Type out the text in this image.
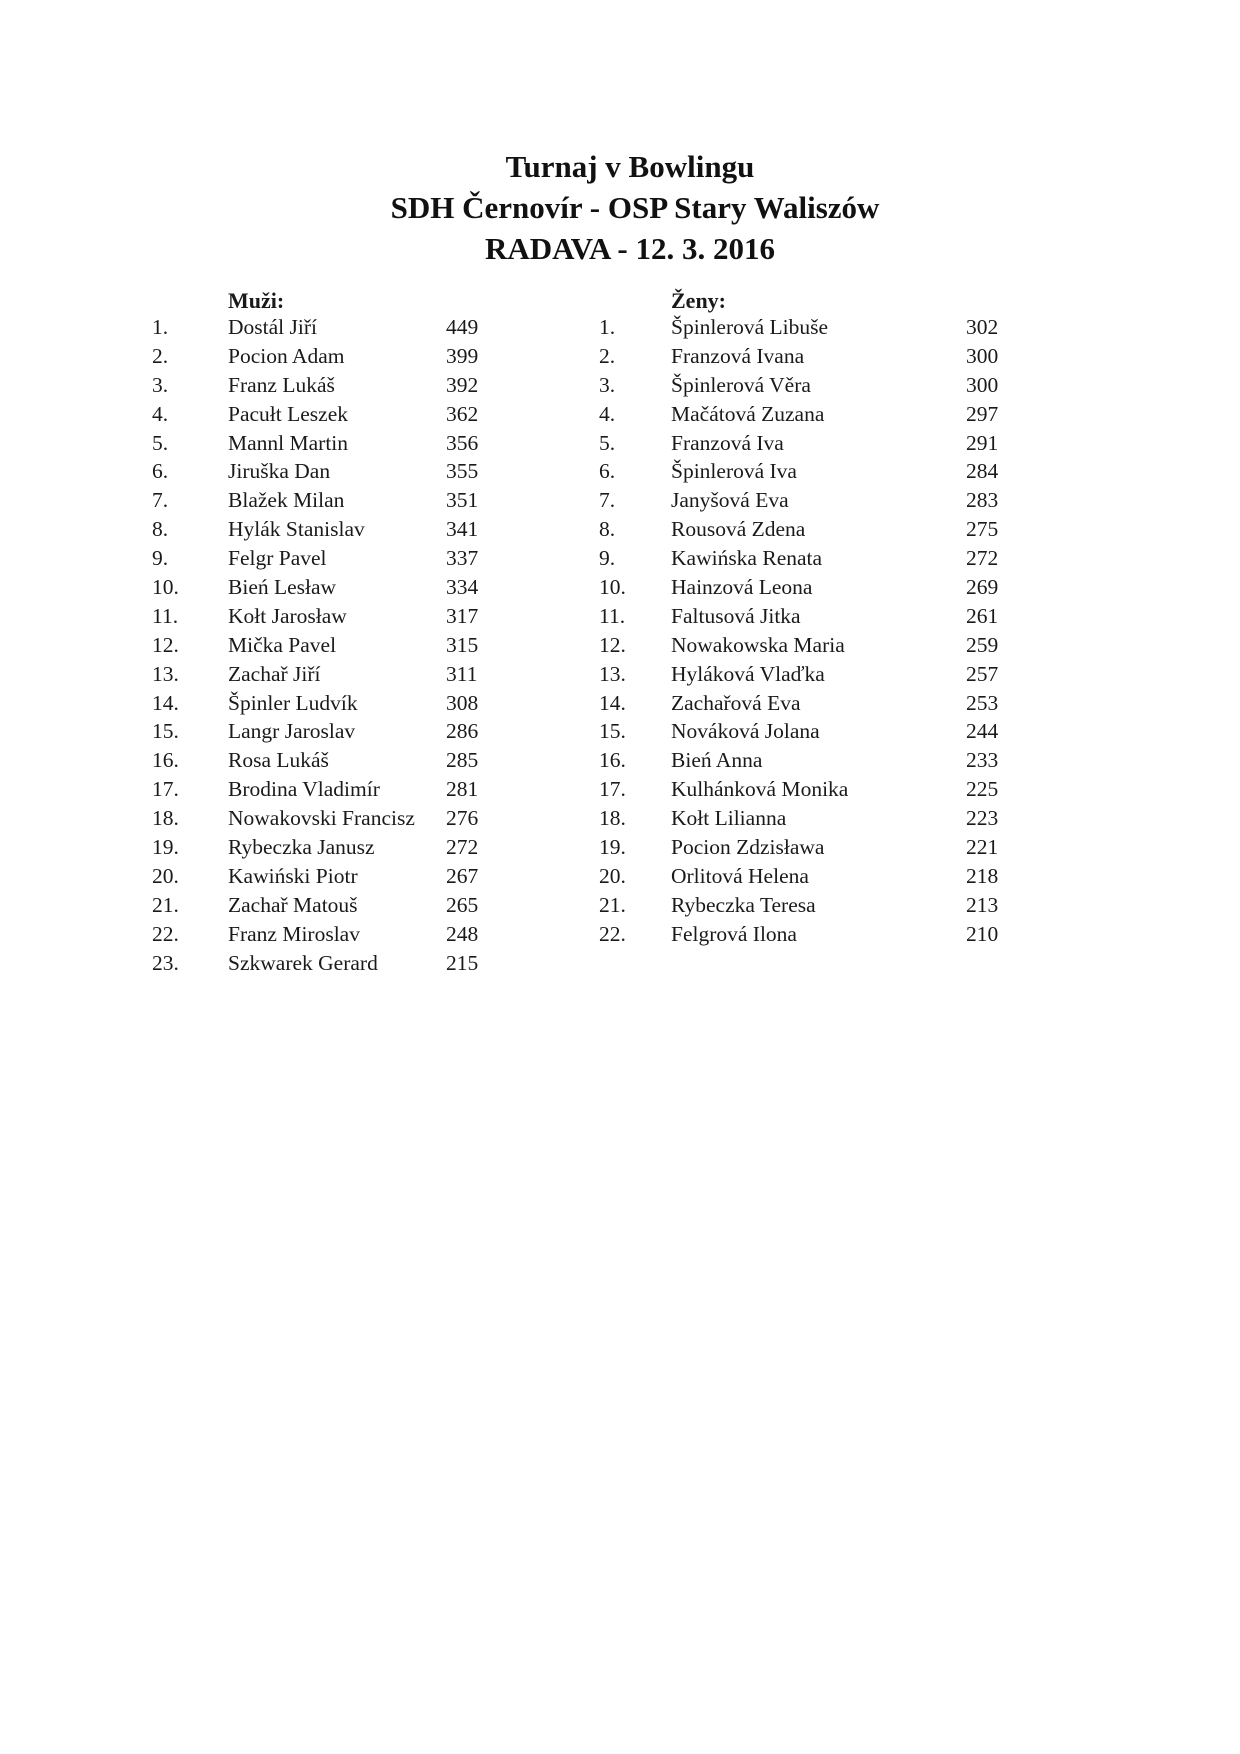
Turnaj v Bowlingu
SDH Černovír - OSP Stary Waliszów
RADAVA - 12. 3. 2016
Muži:
1.	Dostál Jiří	449
2.	Pocion Adam	399
3.	Franz Lukáš	392
4.	Pacułt Leszek	362
5.	Mannl Martin	356
6.	Jiruška Dan	355
7.	Blažek Milan	351
8.	Hylák Stanislav	341
9.	Felgr Pavel	337
10. Bień Lesław	334
11. Kołt Jarosław	317
12. Mička Pavel	315
13. Zachař Jiří	311
14. Špinler Ludvík	308
15. Langr Jaroslav	286
16. Rosa Lukáš	285
17. Brodina Vladimír	281
18. Nowakovski Francisz 276
19. Rybeczka Janusz	272
20. Kawiński Piotr	267
21. Zachař Matouš	265
22. Franz Miroslav	248
23. Szkwarek Gerard	215
Ženy:
1.	Špinlerová Libuše	302
2.	Franzová Ivana	300
3.	Špinlerová Věra	300
4.	Mačátová Zuzana	297
5.	Franzová Iva	291
6.	Špinlerová Iva	284
7.	Janyšová Eva	283
8.	Rousová Zdena	275
9.	Kawińska Renata	272
10. Hainzová Leona	269
11. Faltusová Jitka	261
12. Nowakowska Maria	259
13. Hyláková Vlaďka	257
14. Zachařová Eva	253
15. Nováková Jolana	244
16. Bień Anna	233
17. Kulhánková Monika	225
18. Kołt Lilianna	223
19. Pocion Zdzisława	221
20. Orlitová Helena	218
21. Rybeczka Teresa	213
22. Felgrová Ilona	210
